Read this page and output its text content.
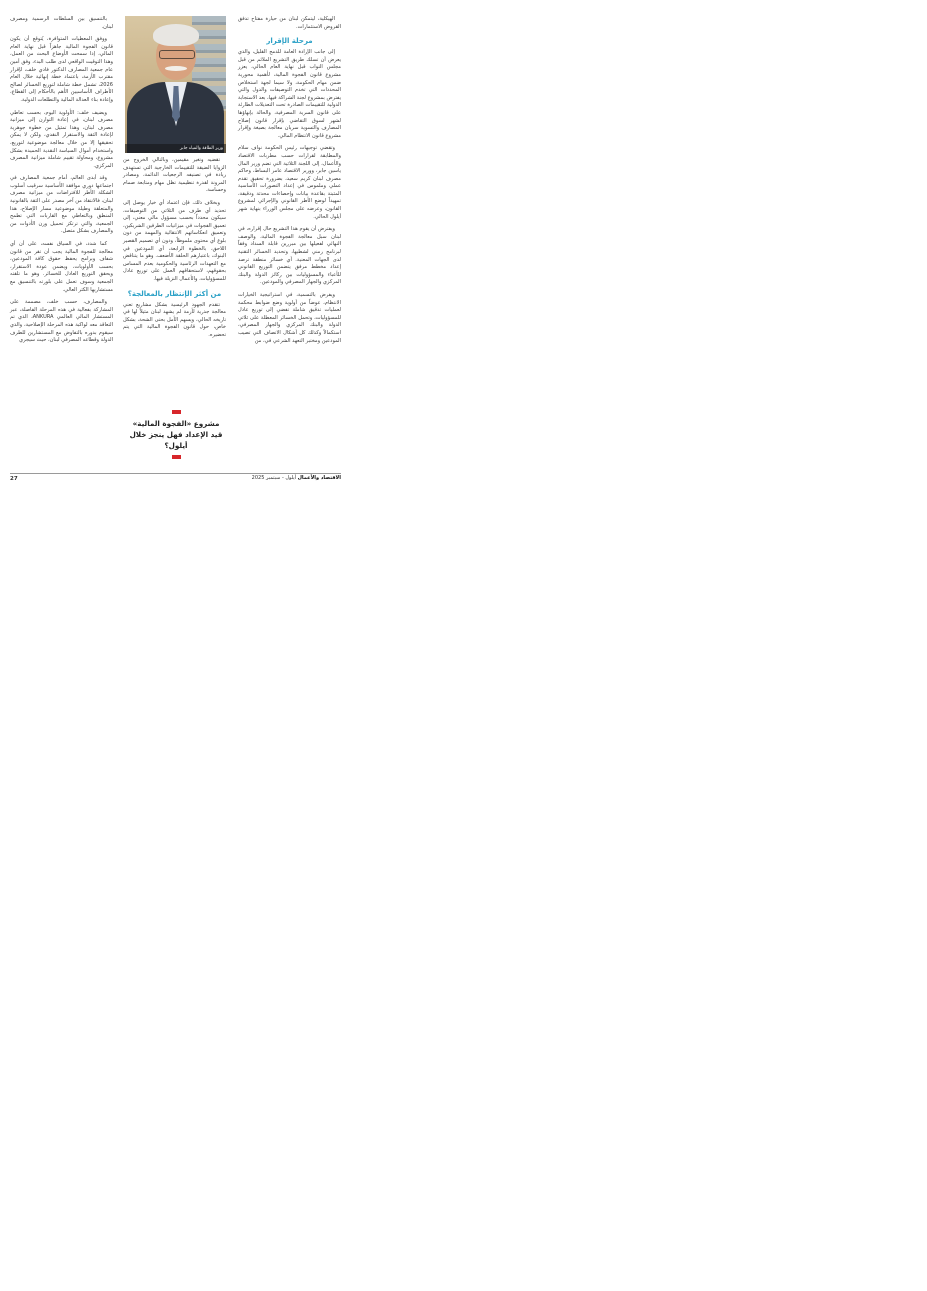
الهيكلية، ليتمكن لبنان من حيازة مفتاح تدفق القروض الاستثمارات.

مرحلة الإقرار

إلى جانب الإرادة العامة للدمج القليل، والذي يعرض أن تسلك طريق التشريع الملائم من قبل مجلس النواب قبل نهاية العام الحالي، يعزز مشروع قانون الفجوة المالية، لأهمية محورية ضمن مهام الحكومة، ولا سيما لجهة استخلاص المحددات التي تخدم التوصيفات والدول والتي يفترض بمشروع لجنة الشراكة فيها، بعد الاستجابة الدولية للتقييمات الصادرة تحت التعديلات الطارئة على قانون السرية المصرفية، والحالة بإنهاؤها لشهر لسوق التقاضي بإقرار قانون إصلاح المصارف والتسوية سريان معالجة بصيغة وإقرار مشروع قانون الانتظام المالي.

وتقضي توجيهات رئيس الحكومة نواف سلام والمطابقة لقرارات حسب مطربات الاقتصاد والأعمال، إلى اللجنة الثلاثية التي تضم وزير المال ياسين جابر، ووزير الاقتصاد عامر البساط، وحاكم مصرف لبنان كريم سعيد، بضرورة تحقيق تقدم عملي وملموس في إعداد التصورات الأساسية المثبتة بقاعدة بيانات وإحصاءات محدثة ودقيقة، تمهيداً لوضع الأطر القانوني والإجرائي لمشروع القانون، وعرضه على مجلس الوزراء بنهاية شهر أيلول الحالي.

ويفترض أن يقوم هذا التشريع حال إقراره، في لبنان سبل معالجة الفجوة المالية، والوصف النهائي لفعيلها بين مبررين قابلة السداد وفقاً لبرنامج زمني لشطبها، وتحديد الخسائر التقنية لدى الجهات المعنية. أي خسائر منطقة ترصد إعداد مخطط مرفق يتضمن التوزيع القانوني للأعباء والمسؤوليات بين ركائز الدولة والبنك المركزي والجهاز المصرفي والمودعين.

ويفرض بالتسمية، في استراتيجية الخيارات الانتظام، عوضاً من أولوية وضع ضوابط محكمة لعمليات تدقيق شاملة تفضي إلى توزيع عادل للمسؤوليات، وتحمل الخسائر المعطلة على ثلاثي الدولة والبنك المركزي والجهاز المصرفي، استكمالاً وكذلك كل أشكال الاتصاف التي تصيب المودعين ومختبر التعهد الشرعي في، من

وزير الطاقة والمياه جابر

تقضيه وتغير مقيمين، وبالتالي الخروج من الزوايا الضيقة للتقييمات الخارجية التي تستهدف زيادة في تصنيفه الرجعيات الدائمة، ومصادر المرونة لقدرة تنظيمية تظل مهام ومتابعة صمام وحساسة.

وبخلاف ذلك، فإن اعتماد أي خيار يوصل إلى تحديد أي طرف من الثلاثي من التوصيفات، سيكون محدداً بحسب مسؤول مالي معني، إلى تعميق الفجوات في ميزانيات الطرفين الشريكين، وتعميق انعكاساتهم الانتقائية والمهمة من دون بلوغ أي محتوى ملموظاً، ودون أي تصميم القصير اللاحق، بالخطوة الرابعة، أي المودعين في البنوك، باعتبارهم الحلقة الأضعف. وهو ما يتناقض مع التعهدات الرئاسية والحكومية بعدم المساس بحقوقهم، لاستحقاقهم العمل على توزيع عادل للمسؤوليات، والأعمال النزيلة فيها.

من أكثر الإنتظار بالمعالجة؟

تتقدم الجهود الرئيسية بشكل مشاريع تعني معالجة جذرية لأزمة لم يشهد لبنان مثيلاً لها في تاريخه الحالي، ويسهم الأمل بحتى الشحة، بشكل خاص، حول قانون الفجوة المالية التي يتم تحضيره.

مشروع «الفجوة المالية» قيد الإعداد فهل ينجز خلال أيلول؟

بالتنسيق بين السلطات الرسمية ومصرف لبنان.

ووفق المعطيات المتوافرة، يُتوقع أن يكون قانون الفجوة المالية جاهزاً قبل نهاية العام المالي، إذا سمحت الأوضاع البحث من العمل، وهذا التوقيت الواقعي لدى طلب البدء، وفق أمين عام جمعية المصارف الدكتور فادي خلف، لإقرار مقترب الأزمة، باعتماد خطة إنهائية خلال العام 2026، تشمل خطة شاملة لتوزيع الخسائر لصالح الأطراف الأساسيين الأهم بالأحكام إلى القطاع، وإعادة بناء العدالة المالية والتطلعات الدولية.

ويضيف خلف: الأولوية اليوم، بحسب تعاطي مصرف لبنان، في إعادة التوازن إلى ميزانية مصرف لبنان، وهذا تمثيل من خطوة جوهرية لإعادة الثقة والاستقرار النقدي، ولكن لا يمكن تحقيقها إلا من خلال معالجة موضوعية لتوزيع، واستخدام أموال السياسة النقدية الحميدة بشكل مشروع، ومحاولة تقييم شاملة ميزانية المصرف المركزي.

وقد أبدى العالم، أمام جمعية المصارف في اجتماعها دوري موافقة الأساسية سرقيب أسلوب الشكلة الأطر للافتراضات من ميزانية مصرف لبنان، فالانتقاد من آخر مصدر على الثقة بالقانونية والمتعلقة وطيلة موضوعية مسار الإصلاح، هذا المنطق وبالتعاطي مع القاربات التي تطمح الجمعية، والتي ترتكز تحميل وزن الأدوات من والمصارف بشكل متصل.

كما شدد، في السياق نفسه، على أن أي معالجة للفجوة المالية يجب أن تقر من قانون شفاف وبرامج يحفظ حقوق كافة المودعين، بحسب الأولويات، ويضمن عودة الاستقرار، ويحقق التوزيع العادل للخسائر. وهو ما تلقته الجمعية وسوف تعمل على بلورته بالتنسيق مع مستشاريها الكثر العالي.

والمصارف، حسب خلف، مصممة على المشاركة بفعالية في هذه المرحلة الفاصلة، عبر المستشار المالي العالمي ANKURA، الذي تم التعاقد معه لواكبة هذه المرحلة الإصلاحية، والذي سيقوم بدوره بالتفاوض مع المستشارين للطرف الدولة وقطاعه المصرفي لبنان، حيث سيجري

27	الاقتصاد والأعمال أيلول - سبتمبر 2025
